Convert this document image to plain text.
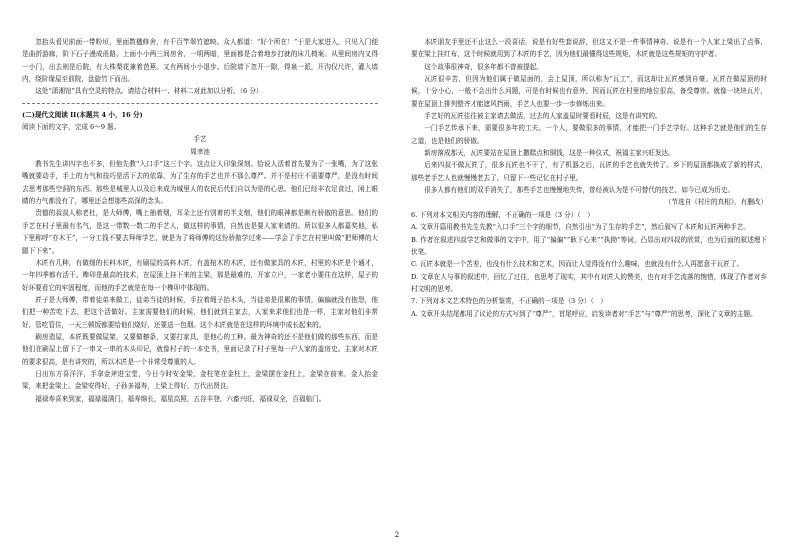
忽抬头看见前面一带粉垣，里面数楹修舍，有千百竿翠竹遮映。众人都道：“好个所在！”于是大家进入，只见入门便是曲折游廊，阶下石子漫成甬路。上面小小两三间房舍，一明两暗，里面都是合着地步打就的床几椅案。从里间房内又得一小门，出去则是后院，有大株梨花兼着芭蕉。又有两间小小退步。后院墙下忽开一隙，得泉一派，开沟仅尺许，灌入墙内，绕阶缘屋至前院，盘旋竹下而出。

这处“潇湘馆”具有空灵的特点。请结合材料一、材料二对此加以分析。（6 分）

(二)现代文阅读 II(本题共 4 小，16 分)

阅读下面的文字，完成 6～9 题。

手艺

周聿池

教书先生讲四字也不多，但他先教“入口手”这三个字。这点让人印象深刻。恰说人活着首先要为了一张嘴，为了这张嘴就要动手，手上的力气和技巧是活下去的依靠，为了生存的手艺也并不那么尊严。并不是村庄不需要尊严，是没有时间去思考那些空洞的东西。那些是城里人以及后来成为城里人的农民后代们自以为是的心思。他们已经丰衣足食过，闲上眼睛的力气都没有了，哪里还会想那些高深的念头。

贵德的叔叔人称老杜，是大师傅，嘴上抽着烟，耳朵上还有别着的半支烟，他们的眼神都是颇有骄傲的意思。他们的手艺在村子里最有名气，是这一带数一数二的手艺人，做这样的事情，自然也是要人家来请的。所以很多人都嘉奖他，私下里称呼“亦木王”，一分工钱不要去拜师学艺，就是为了将师傅的这份骄傲学过来——学会了手艺在村里叫做“把师傅的大腿下下来”。

木匠有几种，有做细的长料木匠，有刷屋的高料木匠，有盖棺木的木匠，还有做家具的木匠，村里的木匠是个通才，一年四季都有活干。榫卯是最高的技术，在屋顶上挂下来的主梁，那是最难的，开家立户，一家老小要住在这样，屋子的好坏要看它的牢固程度，而他的手艺就是在每一个榫卯中体现的。

匠子是大师傅，带着徒弟来做工，徒弟当徒的时候，手拉着绳子抬木头，当徒弟是很累的事情，偏偏就没有抱怨，他们把一种苦吃下去，把这个活做好。主家需要他们的时候，他们就到主家去，人家来求他们也是一样，主家对他们非常好，管吃管住，一天三顿饭都要给他们烧好，还要送一包烟。这个木匠就是在这样的环境中成长起来的。

刷房造屋，本匠既要做屋架，又要做檩条，又要打家具，是他心的工种。最为神奇的还不是他们做的那些东西，而是他们在刷屋上留下了一串又一串的木头印记，就像村子的一本史书，里面记录了村子里每一户人家的盖房史。主家对木匠的要求很高，是有讲究的，所以木匠是一个非常受尊重的人。

日出东方喜洋洋，手拿金斧进宝堂，今日今时安金梁，金柱笔在金柱上，金梁摆在金柱上，金梁在前来，金人抬金梁，来把金梁上。金梁安得好，子孙多福寿，上梁上得好，万代出贤良。

福禄寿喜来到家，福禄福满门，福寿绵长，福星高照，五谷丰登，六畜兴旺，福禄双全，百福临门。

本匠朋友手里还不止这么一段喜话，说是有好些套说辞，但这又不是一件事情神奇。说是有一个人家上梁出了点事，要在梁上挂红布，这个时候就用到了木匠的手艺，因为他们最懂得这些规矩，木匠就是这些规矩的守护者。

这个故事很神奇，很多年都不曾被提起。

瓦匠很辛苦，但因为他们属于做屋面的，会上屋顶，所以称为“瓦工”，而这却让瓦匠感到自豪。瓦匠在做屋顶的时候，十分小心，一般不会出什么问题，可是有时候也有意外，因而瓦匠在村里的地位很高，备受尊崇。就像一块块瓦片，要在屋顶上排列整齐才能遮风挡雨，手艺人也要一步一步修炼出来。

手艺好的瓦匠往往被主家请去做活，过去的人家盖屋时要看时辰，这是有讲究的。

一门手艺传承下来，需要很多年的工夫。一个人，要做很多的事情，才能把一门手艺学好。这种手艺就是他们的生存之道，也是他们的骄傲。

新房落成那天，瓦匠要站在屋顶上撒糕点和铜钱，这是一种仪式，祝福主家兴旺发达。

后来四叔不做瓦匠了，很多瓦匠也不干了，有了机器之后，瓦匠的手艺也就失传了。乡下的屋顶都换成了新的样式，那些老手艺人也就慢慢老去了，只留下一些记忆在村子里。

很多人都有他们的双手消失了，那些手艺也慢慢地失传，曾经被认为是不可替代的技艺，如今已成为历史。

（节选自《村庄的真相》，有删改）

6. 下列对本文相关内容的理解，不正确的一项是（3 分）（　）

A. 文章开篇用教书先生先教“入口手”三个字的细节，自然引出“为了生存的手艺”，然后叙写了木匠和瓦匠两种手艺。

B. 作者在叙述四叔学艺和做事的文字中，用了“偏偏”“耿下心来”“执拗”等词，凸显出对四叔的欣赏，也为后面的叙述埋下伏笔。

C. 瓦匠本就是一个苦差，也没有什么技术和艺术，因而让人觉得没有什么趣味，也就没有什么人再愿意干瓦匠了。

D. 文章在人与事的叙述中，回忆了过往，也思考了现实，其中有对匠人的赞美，也有对手艺流落的惋惜，体现了作者对乡村文明的思考。

7. 下列对本文艺术特色的分析鉴赏，不正确的一项是（3 分）（　）

A. 文章开头结尾都用了议论的方式写到了“尊严”，首尾呼应，启发读者对“手艺”与“尊严”的思考，深化了文章的主题。

2
